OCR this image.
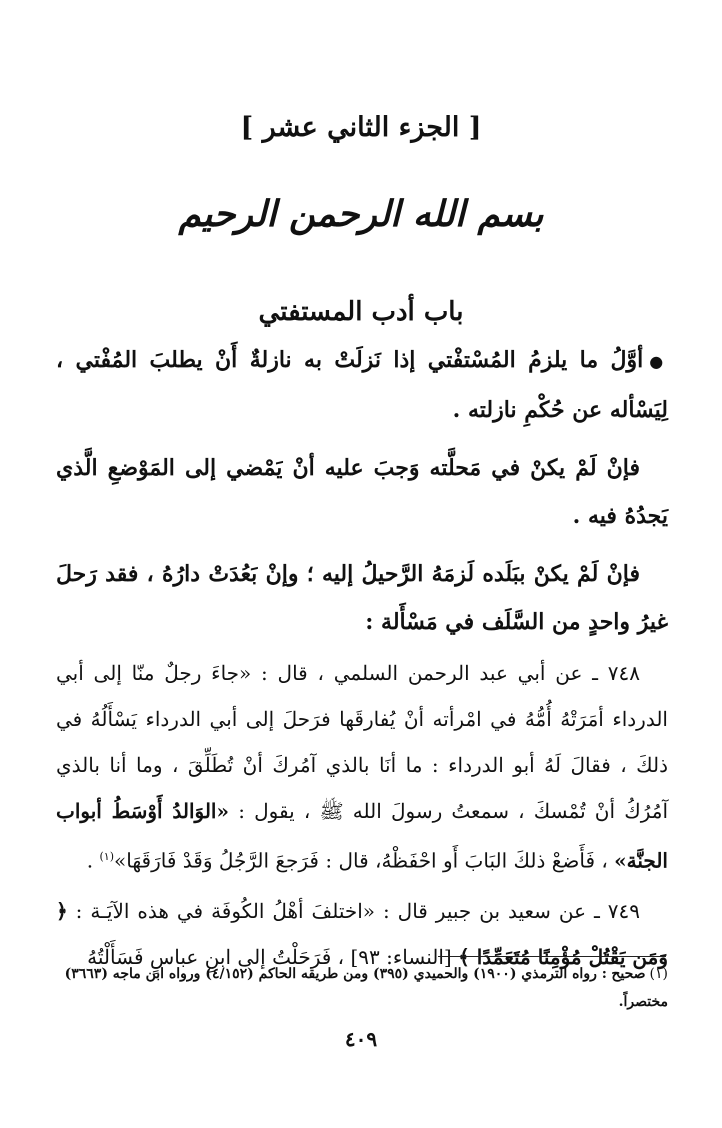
[ الجزء الثاني عشر ]
بسم الله الرحمن الرحيم
باب أدب المستفتي

●أوَّلُ ما يلزمُ المُسْتفْتي إذا نَزلَتْ به نازلةٌ أَنْ يطلبَ المُفْتي ، لِيَسْأله عن حُكْمِ نازلته .

فإنْ لَمْ يكنْ في مَحلَّته وَجبَ عليه أنْ يَمْضي إلى المَوْضعِ الَّذي يَجدُهُ فيه .

فإنْ لَمْ يكنْ ببَلَده لَزمَهُ الرَّحيلُ إليه ؛ وإنْ بَعُدَتْ دارُهُ ، فقد رَحلَ غيرُ واحدٍ من السَّلَف في مَسْأَلة :

٧٤٨ ـ عن أبي عبد الرحمن السلمي ، قال : «جاءَ رجلٌ منّا إلى أبي الدرداء أمَرَتْهُ أُمُّهُ في امْرأته أنْ يُفارقَها فرَحلَ إلى أبي الدرداء يَسْأَلُهُ في ذلكَ ، فقالَ لَهُ أبو الدرداء : ما أنَا بالذي آمُركَ أنْ تُطَلِّقَ ، وما أنا بالذي آمُرُكُ أنْ تُمْسكَ ، سمعتُ رسولَ الله ﷺ ، يقول : «الوَالدُ أَوْسَطُ أبواب الجنَّة» ، فَأَضعْ ذلكَ البَابَ أَو احْفَظْهُ، قال : فَرَجعَ الرَّجُلُ وَقَدْ فَارَقَهَا»$^{(١)}$ .

٧٤٩ ـ عن سعيد بن جبير قال : «اختلفَ أهْلُ الكُوفَة في هذه الآيَـة : ﴿ وَمَن يَقْتُلْ مُؤْمِنًا مُتَعَمِّدًا ﴾ [النساء: ٩٣] ، فَرَحَلْتُ إلى ابنِ عباسٍ فَسَأَلْتُهُ

(١)صحيح : رواه الترمذي (١٩٠٠) والحميدي (٣٩٥) ومن طريقه الحاكم (٤/١٥٢) ورواه ابن ماجه (٣٦٦٣) مختصراً.
٤٠٩
